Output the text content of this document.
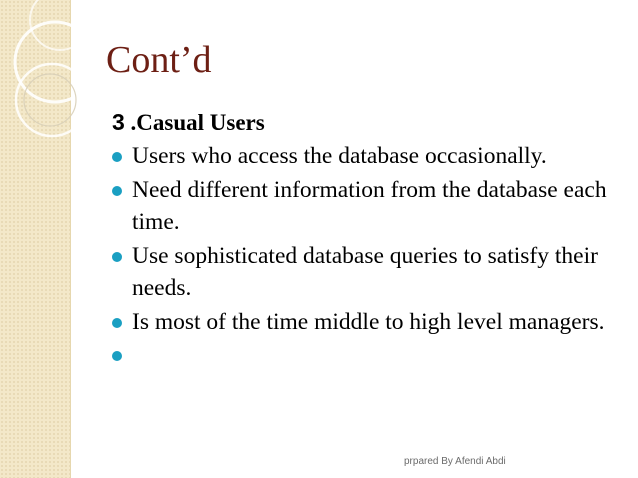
Cont’d
3 .Casual Users
Users who access the database occasionally.
Need different information from the database each time.
Use sophisticated database queries to satisfy their needs.
Is most of the time middle to high level managers.
prpared By Afendi Abdi
